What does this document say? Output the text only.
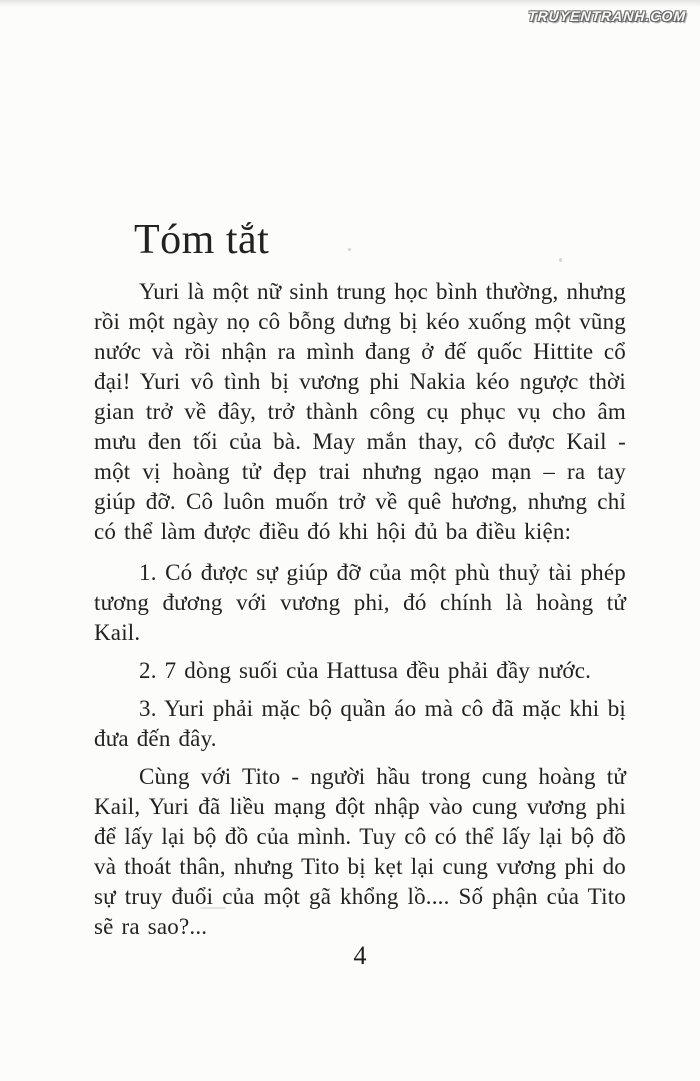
TRUYENTRANH.COM
Tóm tắt

Yuri là một nữ sinh trung học bình thường, nhưng rồi một ngày nọ cô bỗng dưng bị kéo xuống một vũng nước và rồi nhận ra mình đang ở đế quốc Hittite cổ đại! Yuri vô tình bị vương phi Nakia kéo ngược thời gian trở về đây, trở thành công cụ phục vụ cho âm mưu đen tối của bà. May mắn thay, cô được Kail - một vị hoàng tử đẹp trai nhưng ngạo mạn – ra tay giúp đỡ. Cô luôn muốn trở về quê hương, nhưng chỉ có thể làm được điều đó khi hội đủ ba điều kiện:

1. Có được sự giúp đỡ của một phù thuỷ tài phép tương đương với vương phi, đó chính là hoàng tử Kail.

2. 7 dòng suối của Hattusa đều phải đầy nước.

3. Yuri phải mặc bộ quần áo mà cô đã mặc khi bị đưa đến đây.

Cùng với Tito - người hầu trong cung hoàng tử Kail, Yuri đã liều mạng đột nhập vào cung vương phi để lấy lại bộ đồ của mình. Tuy cô có thể lấy lại bộ đồ và thoát thân, nhưng Tito bị kẹt lại cung vương phi do sự truy đuổi của một gã khổng lồ.... Số phận của Tito sẽ ra sao?...

4
